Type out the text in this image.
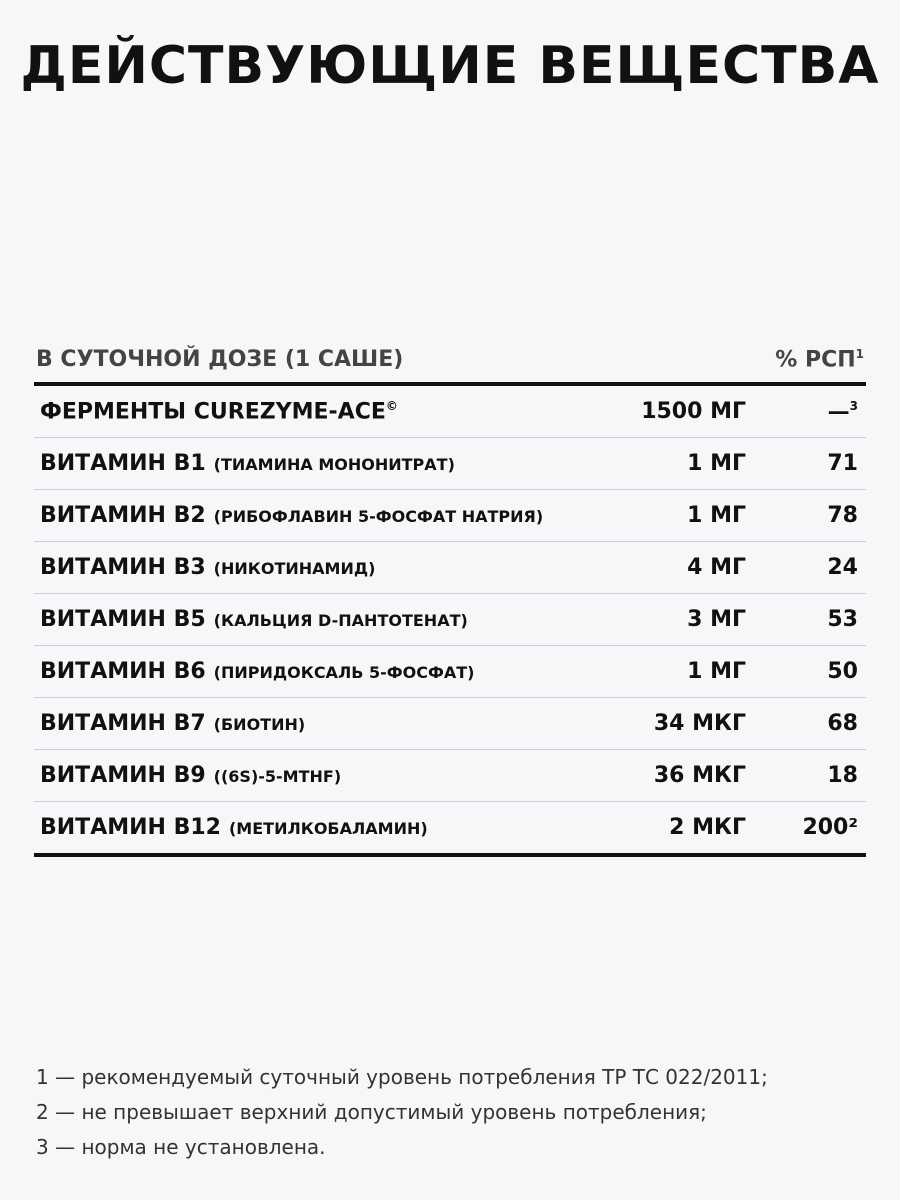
ДЕЙСТВУЮЩИЕ ВЕЩЕСТВА
В СУТОЧНОЙ ДОЗЕ (1 САШЕ)	% РСП$^1$
ФЕРМЕНТЫ CUREZYME-ACE©	1500 МГ	—$^3$
ВИТАМИН B1 (ТИАМИНА МОНОНИТРАТ)	1 МГ	71
ВИТАМИН B2 (РИБОФЛАВИН 5-ФОСФАТ НАТРИЯ)	1 МГ	78
ВИТАМИН B3 (НИКОТИНАМИД)	4 МГ	24
ВИТАМИН B5 (КАЛЬЦИЯ D-ПАНТОТЕНАТ)	3 МГ	53
ВИТАМИН B6 (ПИРИДОКСАЛЬ 5-ФОСФАТ)	1 МГ	50
ВИТАМИН B7 (БИОТИН)	34 МКГ	68
ВИТАМИН B9 ((6S)-5-MTHF)	36 МКГ	18
ВИТАМИН B12 (МЕТИЛКОБАЛАМИН)	2 МКГ	200²
1 — рекомендуемый суточный уровень потребления ТР ТС 022/2011;
2 — не превышает верхний допустимый уровень потребления;
3 — норма не установлена.
